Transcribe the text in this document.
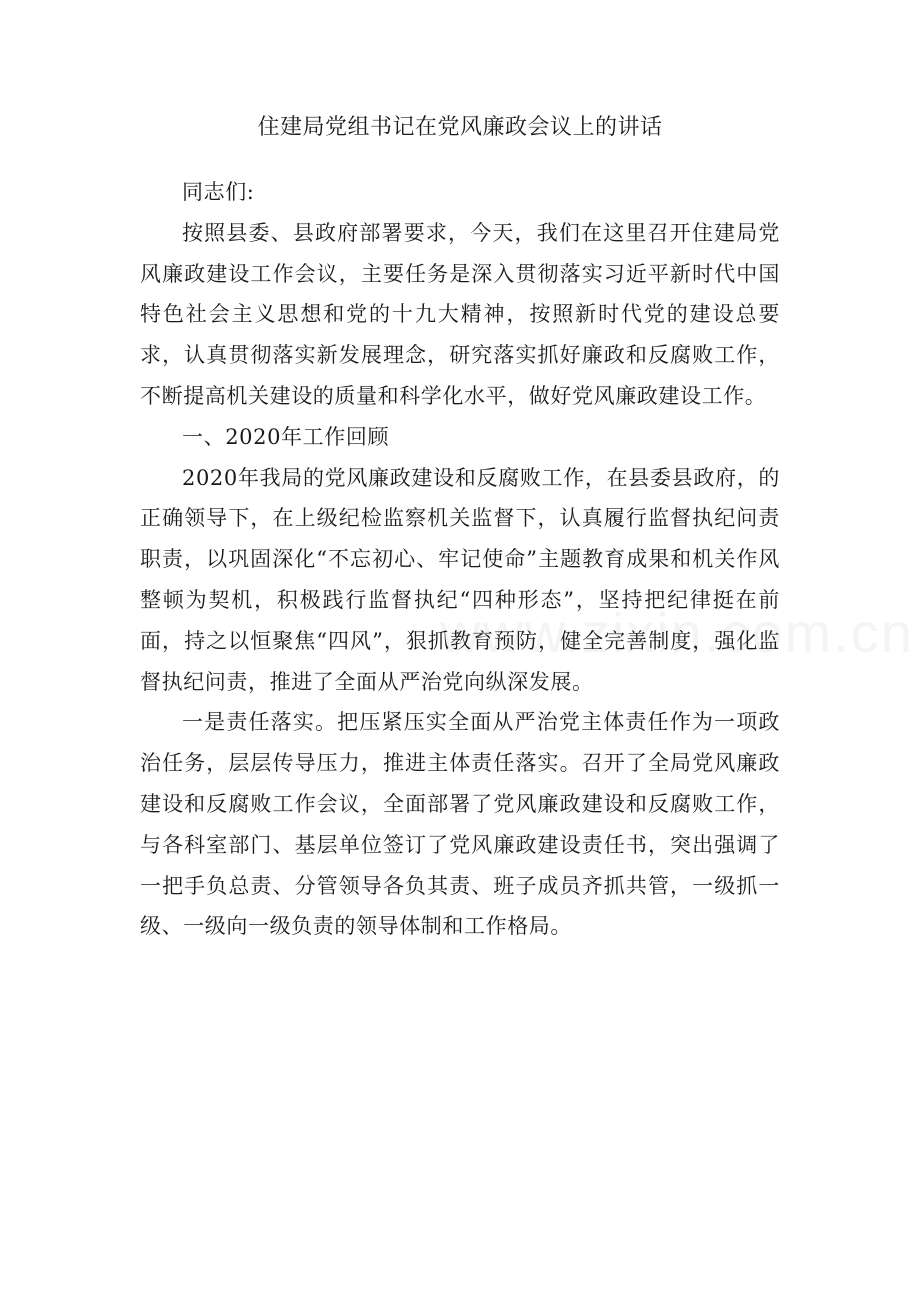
住建局党组书记在党风廉政会议上的讲话

同志们:

按照县委、县政府部署要求，今天，我们在这里召开住建局党风廉政建设工作会议，主要任务是深入贯彻落实习近平新时代中国特色社会主义思想和党的十九大精神，按照新时代党的建设总要求，认真贯彻落实新发展理念，研究落实抓好廉政和反腐败工作，不断提高机关建设的质量和科学化水平，做好党风廉政建设工作。

一、2020年工作回顾

2020年我局的党风廉政建设和反腐败工作，在县委县政府，的正确领导下，在上级纪检监察机关监督下，认真履行监督执纪问责职责，以巩固深化“不忘初心、牢记使命”主题教育成果和机关作风整顿为契机，积极践行监督执纪“四种形态”，坚持把纪律挺在前面，持之以恒聚焦“四风”，狠抓教育预防，健全完善制度，强化监督执纪问责，推进了全面从严治党向纵深发展。

一是责任落实。把压紧压实全面从严治党主体责任作为一项政治任务，层层传导压力，推进主体责任落实。召开了全局党风廉政建设和反腐败工作会议，全面部署了党风廉政建设和反腐败工作，与各科室部门、基层单位签订了党风廉政建设责任书，突出强调了一把手负总责、分管领导各负其责、班子成员齐抓共管，一级抓一级、一级向一级负责的领导体制和工作格局。
